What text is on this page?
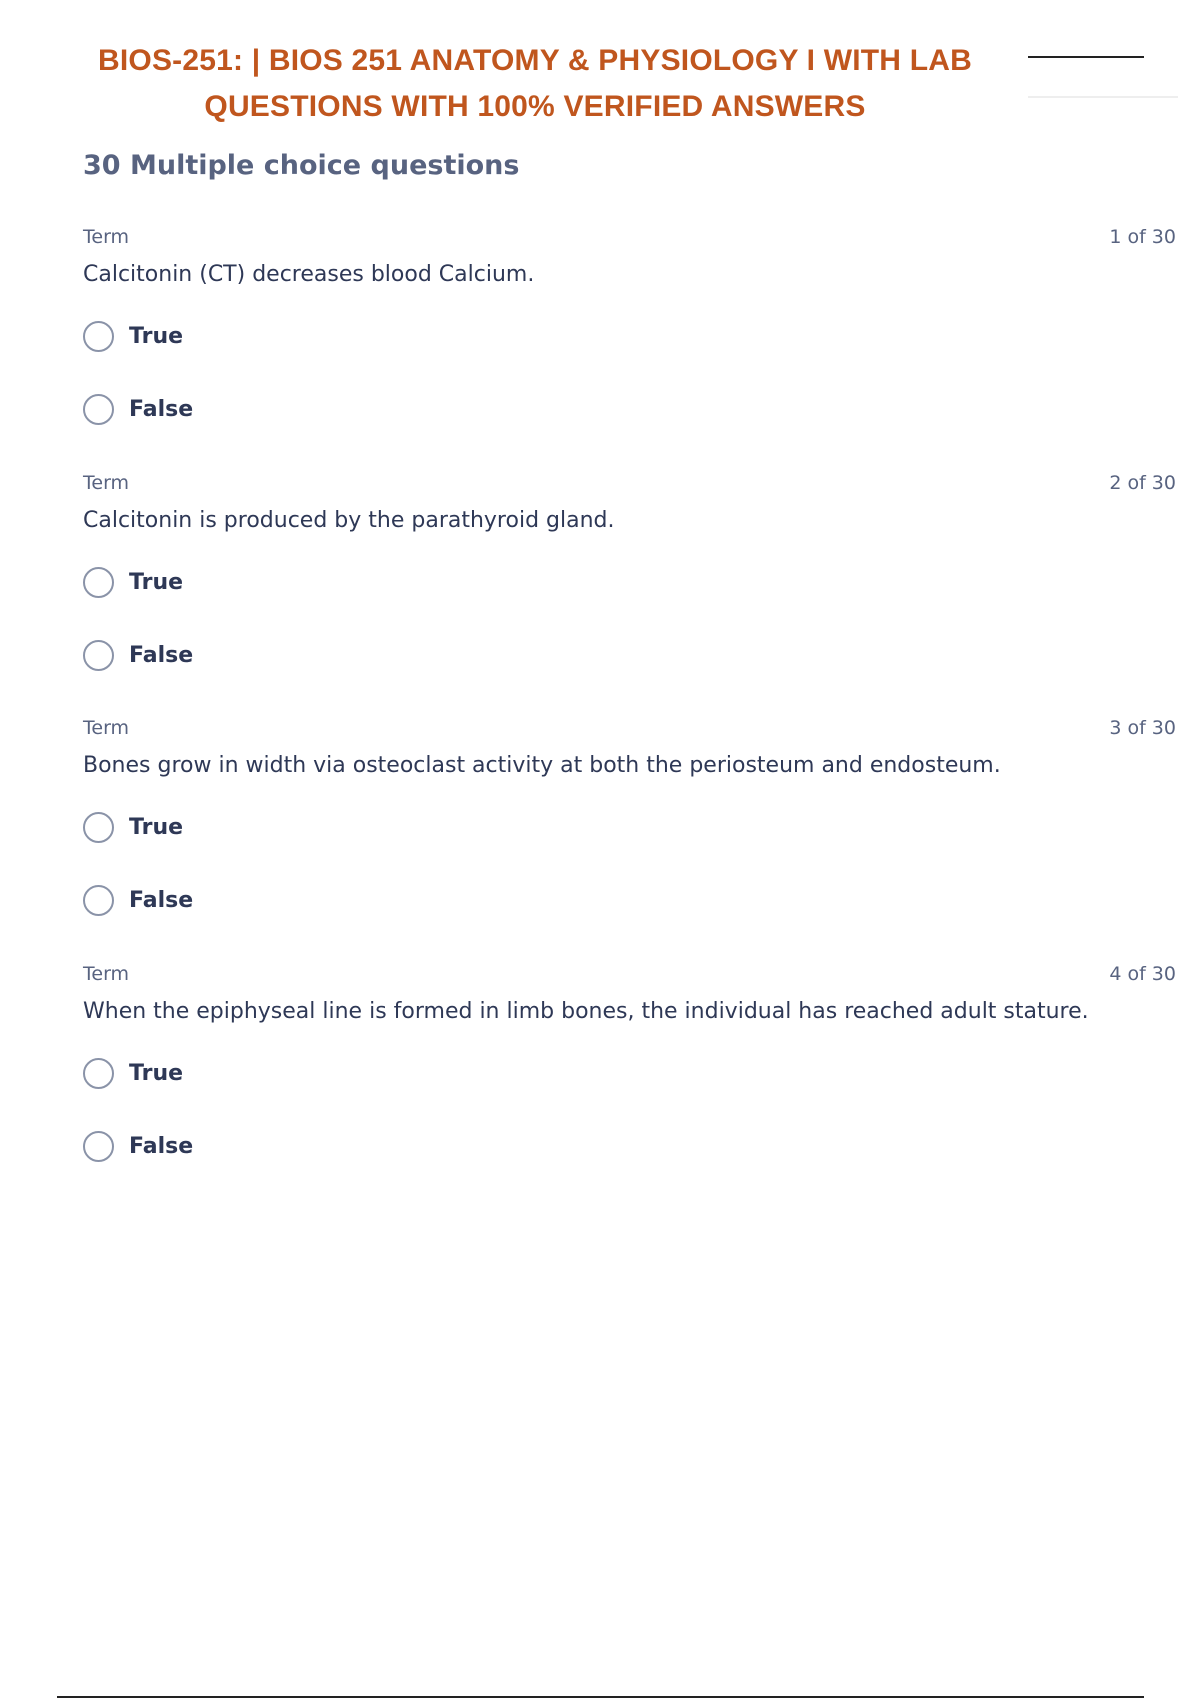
BIOS-251: | BIOS 251 ANATOMY & PHYSIOLOGY I WITH LAB
QUESTIONS WITH 100% VERIFIED ANSWERS
30 Multiple choice questions
Term	1 of 30
Calcitonin (CT) decreases blood Calcium.
True
False
Term	2 of 30
Calcitonin is produced by the parathyroid gland.
True
False
Term	3 of 30
Bones grow in width via osteoclast activity at both the periosteum and endosteum.
True
False
Term	4 of 30
When the epiphyseal line is formed in limb bones, the individual has reached adult stature.
True
False
